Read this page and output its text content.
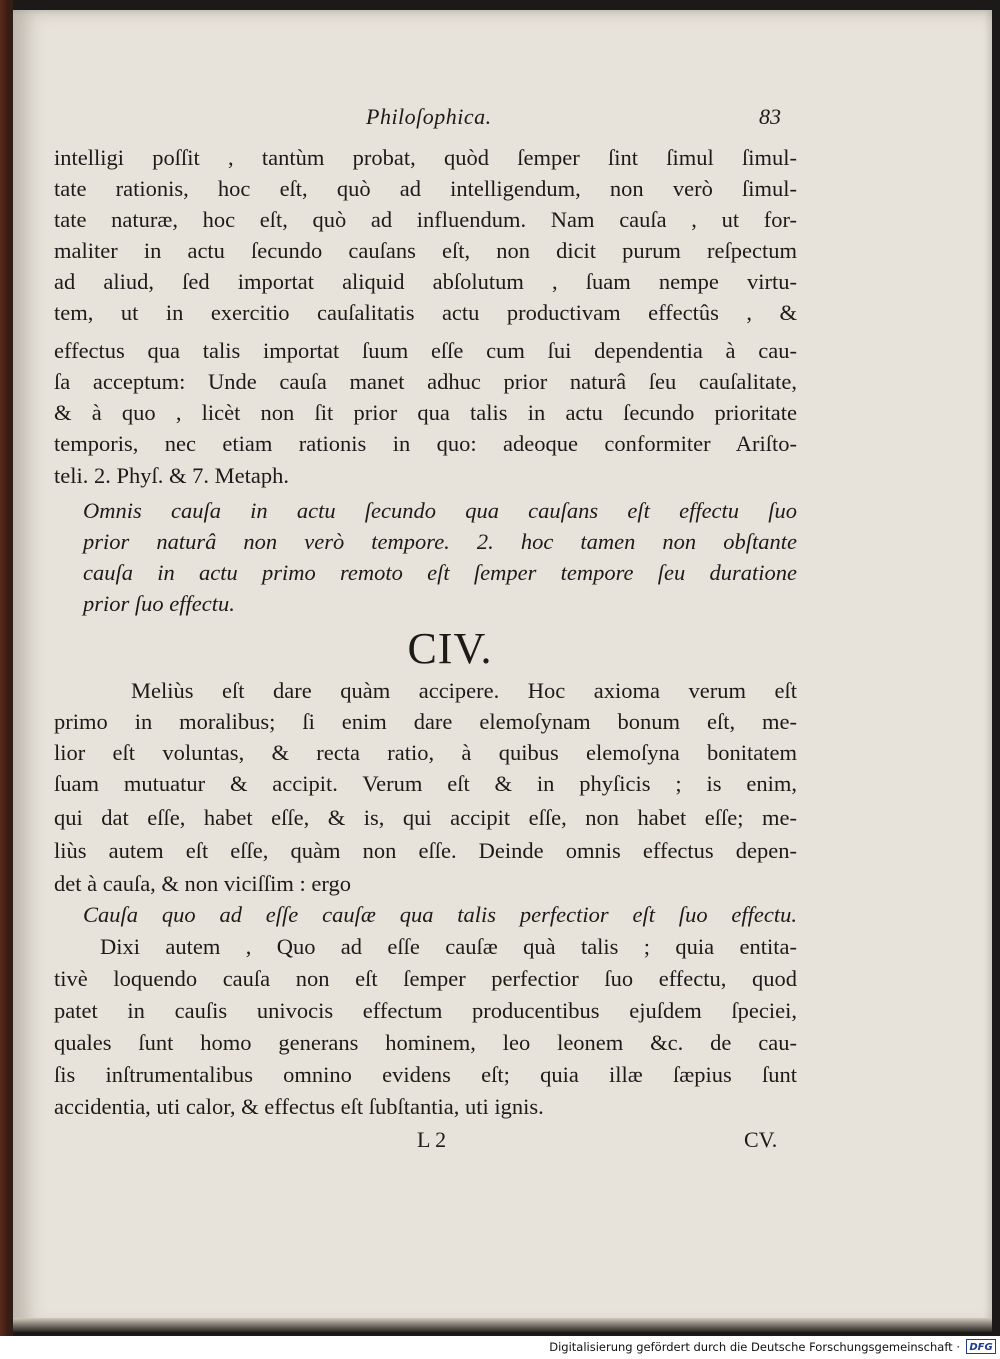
Philoſophica.	83
intelligi poſſit , tantùm probat, quòd ſemper ſint ſimul ſimul-
tate rationis, hoc eſt, quò ad intelligendum, non verò ſimul-
tate naturæ, hoc eſt, quò ad influendum. Nam cauſa , ut for-
maliter in actu ſecundo cauſans eſt, non dicit purum reſpectum
ad aliud, ſed importat aliquid abſolutum , ſuam nempe virtu-
tem, ut in exercitio cauſalitatis actu productivam effectûs , &
effectus qua talis importat ſuum eſſe cum ſui dependentia à cau-
ſa acceptum: Unde cauſa manet adhuc prior naturâ ſeu cauſalitate,
& à quo , licèt non ſit prior qua talis in actu ſecundo prioritate
temporis, nec etiam rationis in quo: adeoque conformiter Ariſto-
teli. 2. Phyſ. & 7. Metaph.
Omnis cauſa in actu ſecundo qua cauſans eſt effectu ſuo
prior naturâ non verò tempore. 2. hoc tamen non obſtante
cauſa in actu primo remoto eſt ſemper tempore ſeu duratione
prior ſuo effectu.
CIV.
Meliùs eſt dare quàm accipere. Hoc axioma verum eſt
primo in moralibus; ſi enim dare elemoſynam bonum eſt, me-
lior eſt voluntas, & recta ratio, à quibus elemoſyna bonitatem
ſuam mutuatur & accipit. Verum eſt & in phyſicis ; is enim,
qui dat eſſe, habet eſſe, & is, qui accipit eſſe, non habet eſſe; me-
liùs autem eſt eſſe, quàm non eſſe. Deinde omnis effectus depen-
det à cauſa, & non viciſſim : ergo
Cauſa quo ad eſſe cauſæ qua talis perfectior eſt ſuo effectu.
Dixi autem , Quo ad eſſe cauſæ quà talis ; quia entita-
tivè loquendo cauſa non eſt ſemper perfectior ſuo effectu, quod
patet in cauſis univocis effectum producentibus ejuſdem ſpeciei,
quales ſunt homo generans hominem, leo leonem &c. de cau-
ſis inſtrumentalibus omnino evidens eſt; quia illæ ſæpius ſunt
accidentia, uti calor, & effectus eſt ſubſtantia, uti ignis.
L 2	CV.
Digitalisierung gefördert durch die Deutsche Forschungsgemeinschaft · DFG
